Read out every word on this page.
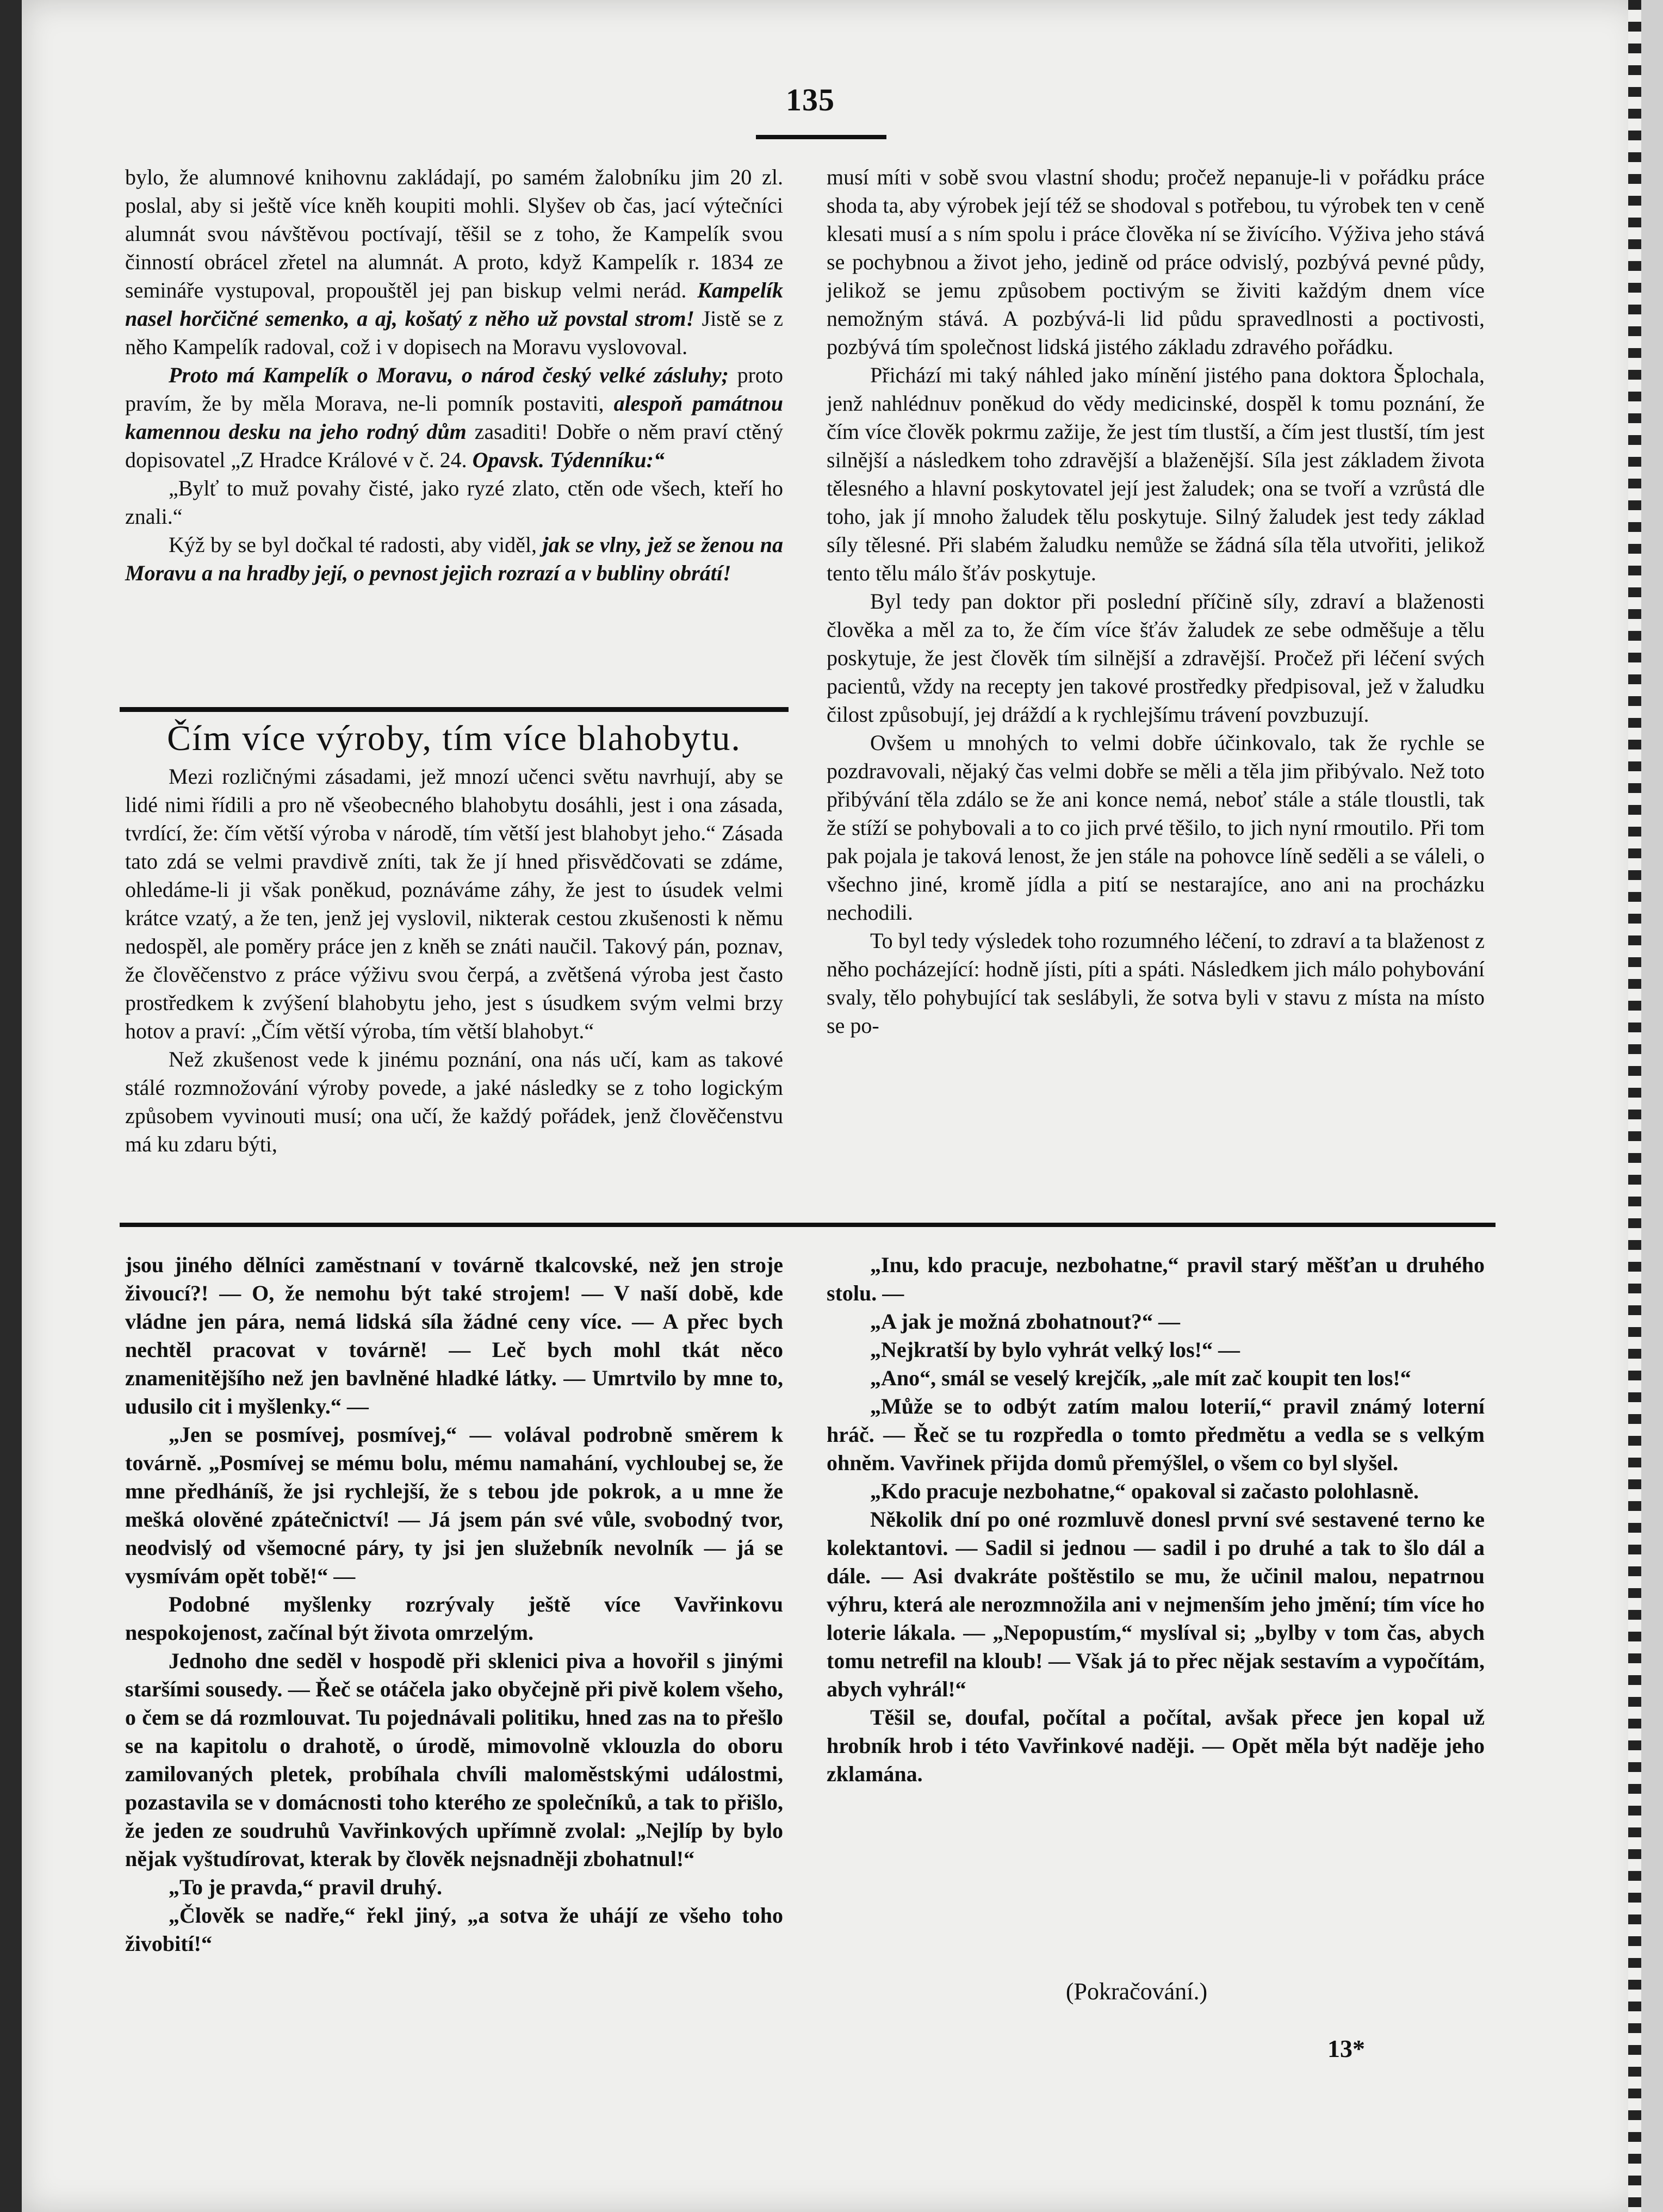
135

bylo, že alumnové knihovnu zakládají, po samém žalobníku jim 20 zl. poslal, aby si ještě více kněh koupiti mohli. Slyšev ob čas, jací výtečníci alumnát svou návštěvou poctívají, těšil se z toho, že Kampelík svou činností obrácel zřetel na alumnát. A proto, když Kampelík r. 1834 ze semináře vystupoval, propouštěl jej pan biskup velmi nerád. Kampelík nasel horčičné semenko, a aj, košatý z něho už povstal strom! Jistě se z něho Kampelík radoval, což i v dopisech na Moravu vyslovoval.

Proto má Kampelík o Moravu, o národ český velké zásluhy; proto pravím, že by měla Morava, ne-li pomník postaviti, alespoň památnou kamennou desku na jeho rodný dům zasaditi! Dobře o něm praví ctěný dopisovatel „Z Hradce Králové v č. 24. Opavsk. Týdenníku:“

„Bylť to muž povahy čisté, jako ryzé zlato, ctěn ode všech, kteří ho znali.“

Kýž by se byl dočkal té radosti, aby viděl, jak se vlny, jež se ženou na Moravu a na hradby její, o pevnost jejich rozrazí a v bubliny obrátí!

Čím více výroby, tím více blahobytu.

Mezi rozličnými zásadami, jež mnozí učenci světu navrhují, aby se lidé nimi řídili a pro ně všeobecného blahobytu dosáhli, jest i ona zásada, tvrdící, že: čím větší výroba v národě, tím větší jest blahobyt jeho.“ Zásada tato zdá se velmi pravdivě zníti, tak že jí hned přisvědčovati se zdáme, ohledáme-li ji však poněkud, poznáváme záhy, že jest to úsudek velmi krátce vzatý, a že ten, jenž jej vyslovil, nikterak cestou zkušenosti k němu nedospěl, ale poměry práce jen z kněh se znáti naučil. Takový pán, poznav, že člověčenstvo z práce výživu svou čerpá, a zvětšená výroba jest často prostředkem k zvýšení blahobytu jeho, jest s úsudkem svým velmi brzy hotov a praví: „Čím větší výroba, tím větší blahobyt.“

Než zkušenost vede k jinému poznání, ona nás učí, kam as takové stálé rozmnožování výroby povede, a jaké následky se z toho logickým způsobem vyvinouti musí; ona učí, že každý pořádek, jenž člověčenstvu má ku zdaru býti,

musí míti v sobě svou vlastní shodu; pročež nepanuje-li v pořádku práce shoda ta, aby výrobek její též se shodoval s potřebou, tu výrobek ten v ceně klesati musí a s ním spolu i práce člověka ní se živícího. Výživa jeho stává se pochybnou a život jeho, jedině od práce odvislý, pozbývá pevné půdy, jelikož se jemu způsobem poctivým se živiti každým dnem více nemožným stává. A pozbývá-li lid půdu spravedlnosti a poctivosti, pozbývá tím společnost lidská jistého základu zdravého pořádku.

Přichází mi taký náhled jako mínění jistého pana doktora Šplochala, jenž nahlédnuv poněkud do vědy medicinské, dospěl k tomu poznání, že čím více člověk pokrmu zažije, že jest tím tlustší, a čím jest tlustší, tím jest silnější a následkem toho zdravější a blaženější. Síla jest základem života tělesného a hlavní poskytovatel její jest žaludek; ona se tvoří a vzrůstá dle toho, jak jí mnoho žaludek tělu poskytuje. Silný žaludek jest tedy základ síly tělesné. Při slabém žaludku nemůže se žádná síla těla utvořiti, jelikož tento tělu málo šťáv poskytuje.

Byl tedy pan doktor při poslední příčině síly, zdraví a blaženosti člověka a měl za to, že čím více šťáv žaludek ze sebe odměšuje a tělu poskytuje, že jest člověk tím silnější a zdravější. Pročež při léčení svých pacientů, vždy na recepty jen takové prostředky předpisoval, jež v žaludku čilost způsobují, jej dráždí a k rychlejšímu trávení povzbuzují.

Ovšem u mnohých to velmi dobře účinkovalo, tak že rychle se pozdravovali, nějaký čas velmi dobře se měli a těla jim přibývalo. Než toto přibývání těla zdálo se že ani konce nemá, neboť stále a stále tloustli, tak že stíží se pohybovali a to co jich prvé těšilo, to jich nyní rmoutilo. Při tom pak pojala je taková lenost, že jen stále na pohovce líně seděli a se váleli, o všechno jiné, kromě jídla a pití se nestarajíce, ano ani na procházku nechodili.

To byl tedy výsledek toho rozumného léčení, to zdraví a ta blaženost z něho pocházející: hodně jísti, píti a spáti. Následkem jich málo pohybování svaly, tělo pohybující tak seslábyli, že sotva byli v stavu z místa na místo se po-

jsou jiného dělníci zaměstnaní v továrně tkalcovské, než jen stroje živoucí?! — O, že nemohu být také strojem! — V naší době, kde vládne jen pára, nemá lidská síla žádné ceny více. — A přec bych nechtěl pracovat v továrně! — Leč bych mohl tkát něco znamenitějšího než jen bavlněné hladké látky. — Umrtvilo by mne to, udusilo cit i myšlenky.“ —

„Jen se posmívej, posmívej,“ — volával podrobně směrem k továrně. „Posmívej se mému bolu, mému namahání, vychloubej se, že mne předháníš, že jsi rychlejší, že s tebou jde pokrok, a u mne že mešká olověné zpátečnictví! — Já jsem pán své vůle, svobodný tvor, neodvislý od všemocné páry, ty jsi jen služebník nevolník — já se vysmívám opět tobě!“ —

Podobné myšlenky rozrývaly ještě více Vavřinkovu nespokojenost, začínal být života omrzelým.

Jednoho dne seděl v hospodě při sklenici piva a hovořil s jinými staršími sousedy. — Řeč se otáčela jako obyčejně při pivě kolem všeho, o čem se dá rozmlouvat. Tu pojednávali politiku, hned zas na to přešlo se na kapitolu o drahotě, o úrodě, mimovolně vklouzla do oboru zamilovaných pletek, probíhala chvíli maloměstskými událostmi, pozastavila se v domácnosti toho kterého ze společníků, a tak to přišlo, že jeden ze soudruhů Vavřinkových upřímně zvolal: „Nejlíp by bylo nějak vyštudírovat, kterak by člověk nejsnadněji zbohatnul!“

„To je pravda,“ pravil druhý.

„Člověk se nadře,“ řekl jiný, „a sotva že uhájí ze všeho toho živobití!“

„Inu, kdo pracuje, nezbohatne,“ pravil starý měšťan u druhého stolu. —

„A jak je možná zbohatnout?“ —

„Nejkratší by bylo vyhrát velký los!“ —

„Ano“, smál se veselý krejčík, „ale mít zač koupit ten los!“

„Může se to odbýt zatím malou loterií,“ pravil známý loterní hráč. — Řeč se tu rozpředla o tomto předmětu a vedla se s velkým ohněm. Vavřinek přijda domů přemýšlel, o všem co byl slyšel.

„Kdo pracuje nezbohatne,“ opakoval si začasto polohlasně.

Několik dní po oné rozmluvě donesl první své sestavené terno ke kolektantovi. — Sadil si jednou — sadil i po druhé a tak to šlo dál a dále. — Asi dvakráte poštěstilo se mu, že učinil malou, nepatrnou výhru, která ale nerozmnožila ani v nejmenším jeho jmění; tím více ho loterie lákala. — „Nepopustím,“ myslíval si; „bylby v tom čas, abych tomu netrefil na kloub! — Však já to přec nějak sestavím a vypočítám, abych vyhrál!“

Těšil se, doufal, počítal a počítal, avšak přece jen kopal už hrobník hrob i této Vavřinkové naději. — Opět měla být naděje jeho zklamána.

(Pokračování.)
13*
